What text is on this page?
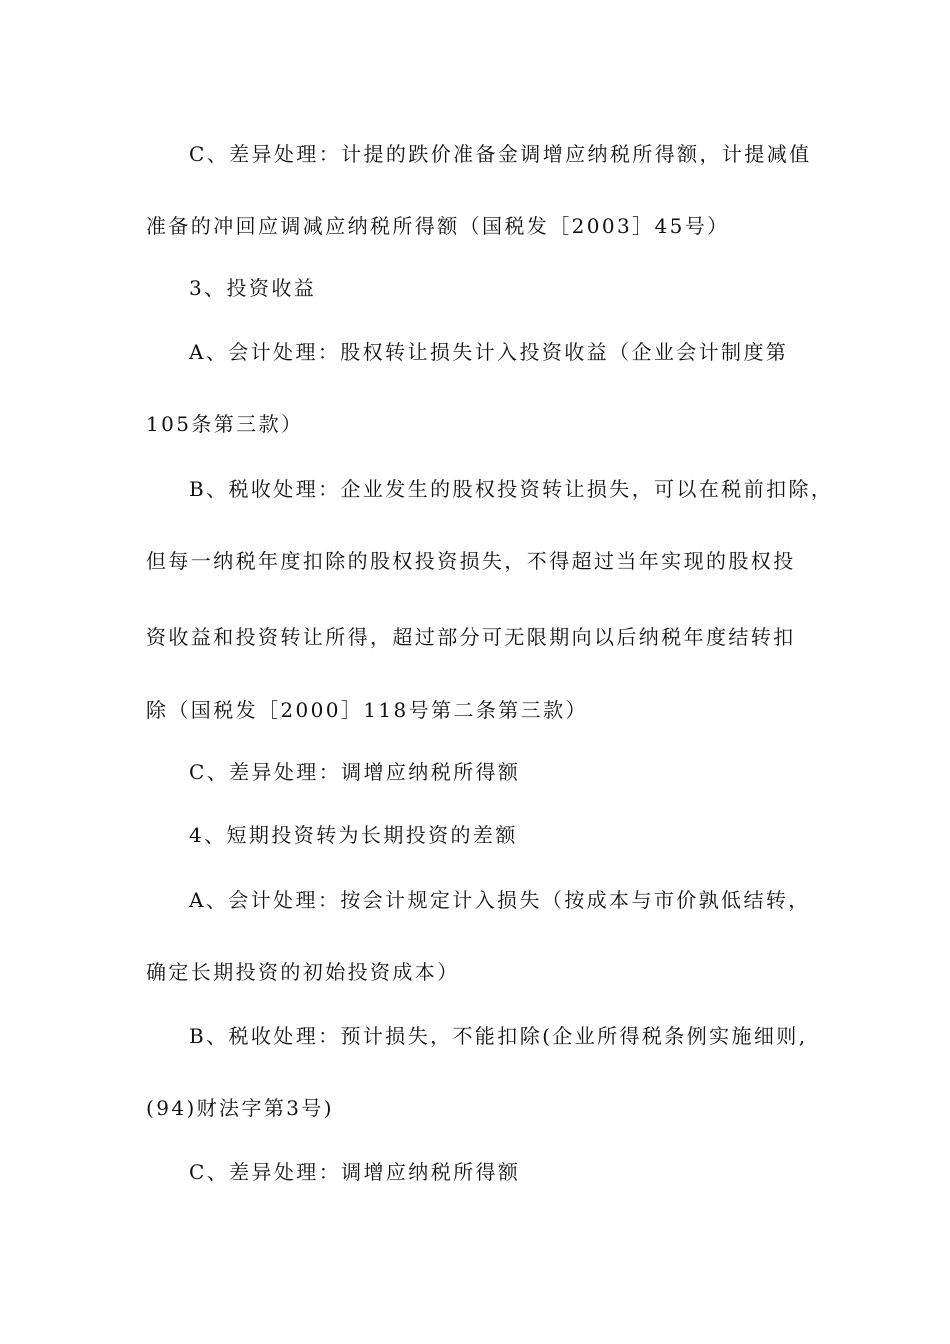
C、差异处理：计提的跌价准备金调增应纳税所得额，计提减值
准备的冲回应调减应纳税所得额（国税发［2003］45号）
3、投资收益
A、会计处理：股权转让损失计入投资收益（企业会计制度第
105条第三款）
B、税收处理：企业发生的股权投资转让损失，可以在税前扣除，
但每一纳税年度扣除的股权投资损失，不得超过当年实现的股权投
资收益和投资转让所得，超过部分可无限期向以后纳税年度结转扣
除（国税发［2000］118号第二条第三款）
C、差异处理：调增应纳税所得额
4、短期投资转为长期投资的差额
A、会计处理：按会计规定计入损失（按成本与市价孰低结转，
确定长期投资的初始投资成本）
B、税收处理：预计损失，不能扣除(企业所得税条例实施细则,
(94)财法字第3号)
C、差异处理：调增应纳税所得额
